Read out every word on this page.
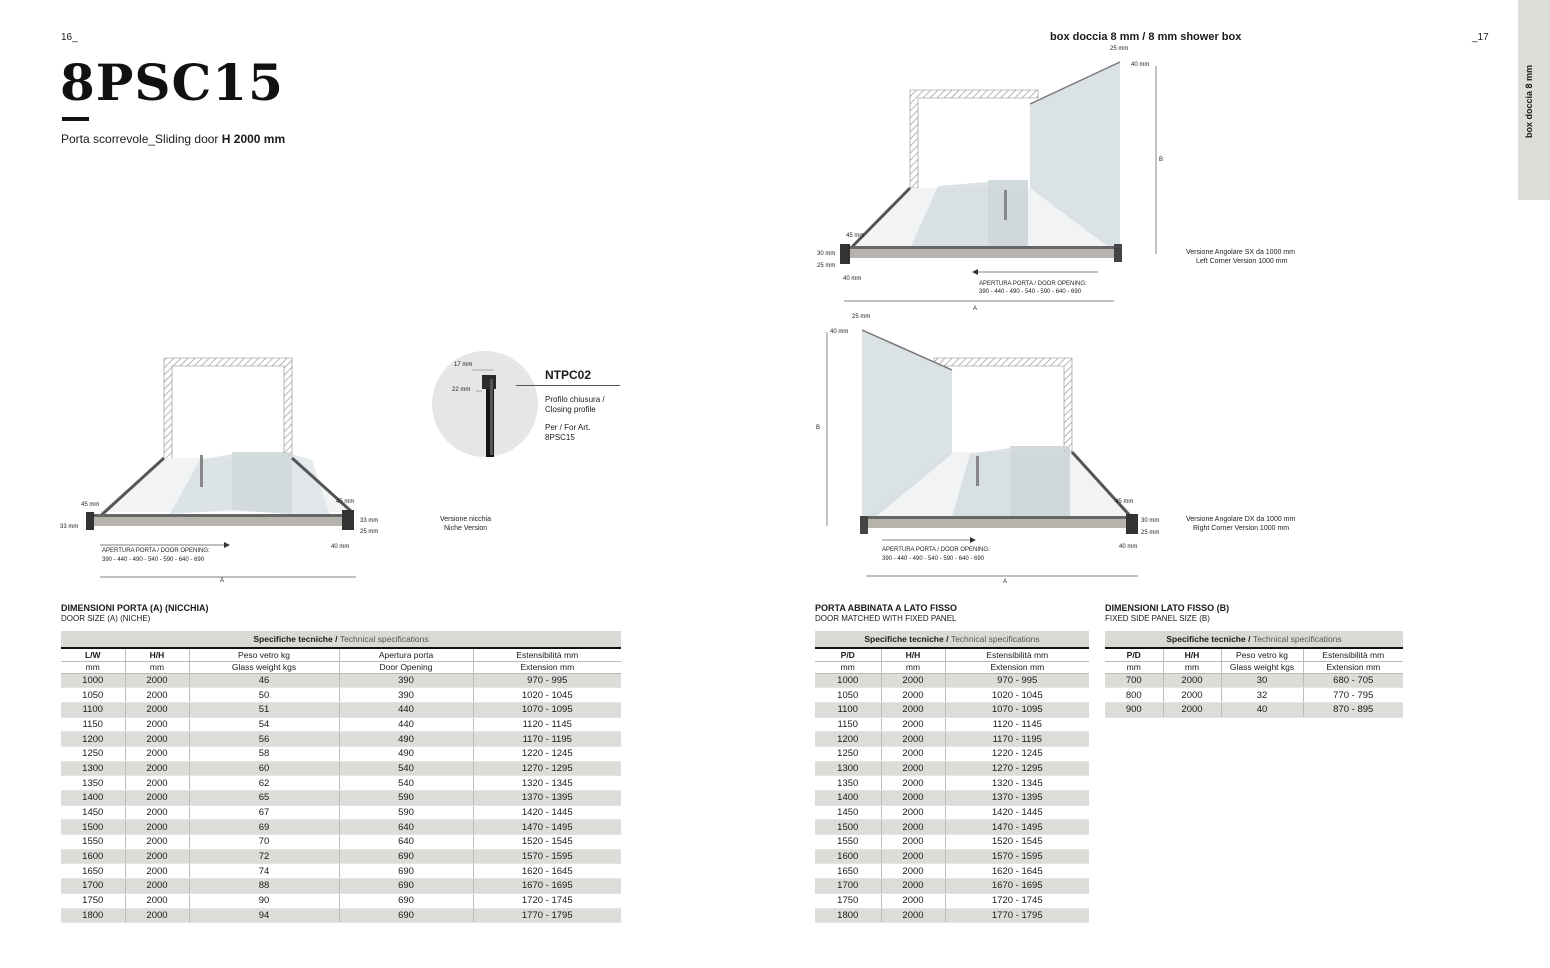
16_	_17
box doccia 8 mm / 8 mm shower box
box doccia 8 mm
8PSC15
Porta scorrevole_Sliding door H 2000 mm
45 mm
33 mm
45 mm
33 mm
25 mm
40 mm
APERTURA PORTA / DOOR OPENING:
390 - 440 - 490 - 540 - 590 - 640 - 690
A
Versione nicchia
Niche Version
17 mm
22 mm
NTPC02
Profilo chiusura /
Closing profile
Per / For Art.
8PSC15
25 mm
40 mm
B
45 mm
30 mm
25 mm
40 mm
APERTURA PORTA / DOOR OPENING:
390 - 440 - 490 - 540 - 590 - 640 - 690
A
Versione Angolare SX da 1000 mm
Left Corner Version 1000 mm
25 mm
40 mm
B
45 mm
30 mm
25 mm
40 mm
APERTURA PORTA / DOOR OPENING:
390 - 440 - 490 - 540 - 590 - 640 - 690
A
Versione Angolare DX da 1000 mm
Right Corner Version 1000 mm
DIMENSIONI PORTA (A) (NICCHIA)
DOOR SIZE (A) (NICHE)
Specifiche tecniche / Technical specifications				
L/W	H/H	Peso vetro kg	Apertura porta	Estensibilità mm
mm	mm	Glass weight kgs	Door Opening	Extension mm
1000	2000	46	390	970 - 995
1050	2000	50	390	1020 - 1045
1100	2000	51	440	1070 - 1095
1150	2000	54	440	1120 - 1145
1200	2000	56	490	1170 - 1195
1250	2000	58	490	1220 - 1245
1300	2000	60	540	1270 - 1295
1350	2000	62	540	1320 - 1345
1400	2000	65	590	1370 - 1395
1450	2000	67	590	1420 - 1445
1500	2000	69	640	1470 - 1495
1550	2000	70	640	1520 - 1545
1600	2000	72	690	1570 - 1595
1650	2000	74	690	1620 - 1645
1700	2000	88	690	1670 - 1695
1750	2000	90	690	1720 - 1745
1800	2000	94	690	1770 - 1795
PORTA ABBINATA A LATO FISSO
DOOR MATCHED WITH FIXED PANEL
Specifiche tecniche / Technical specifications		
P/D	H/H	Estensibilità mm
mm	mm	Extension mm
1000	2000	970 - 995
1050	2000	1020 - 1045
1100	2000	1070 - 1095
1150	2000	1120 - 1145
1200	2000	1170 - 1195
1250	2000	1220 - 1245
1300	2000	1270 - 1295
1350	2000	1320 - 1345
1400	2000	1370 - 1395
1450	2000	1420 - 1445
1500	2000	1470 - 1495
1550	2000	1520 - 1545
1600	2000	1570 - 1595
1650	2000	1620 - 1645
1700	2000	1670 - 1695
1750	2000	1720 - 1745
1800	2000	1770 - 1795
DIMENSIONI LATO FISSO (B)
FIXED SIDE PANEL SIZE (B)
Specifiche tecniche / Technical specifications			
P/D	H/H	Peso vetro kg	Estensibilità mm
mm	mm	Glass weight kgs	Extension mm
700	2000	30	680 - 705
800	2000	32	770 - 795
900	2000	40	870 - 895
